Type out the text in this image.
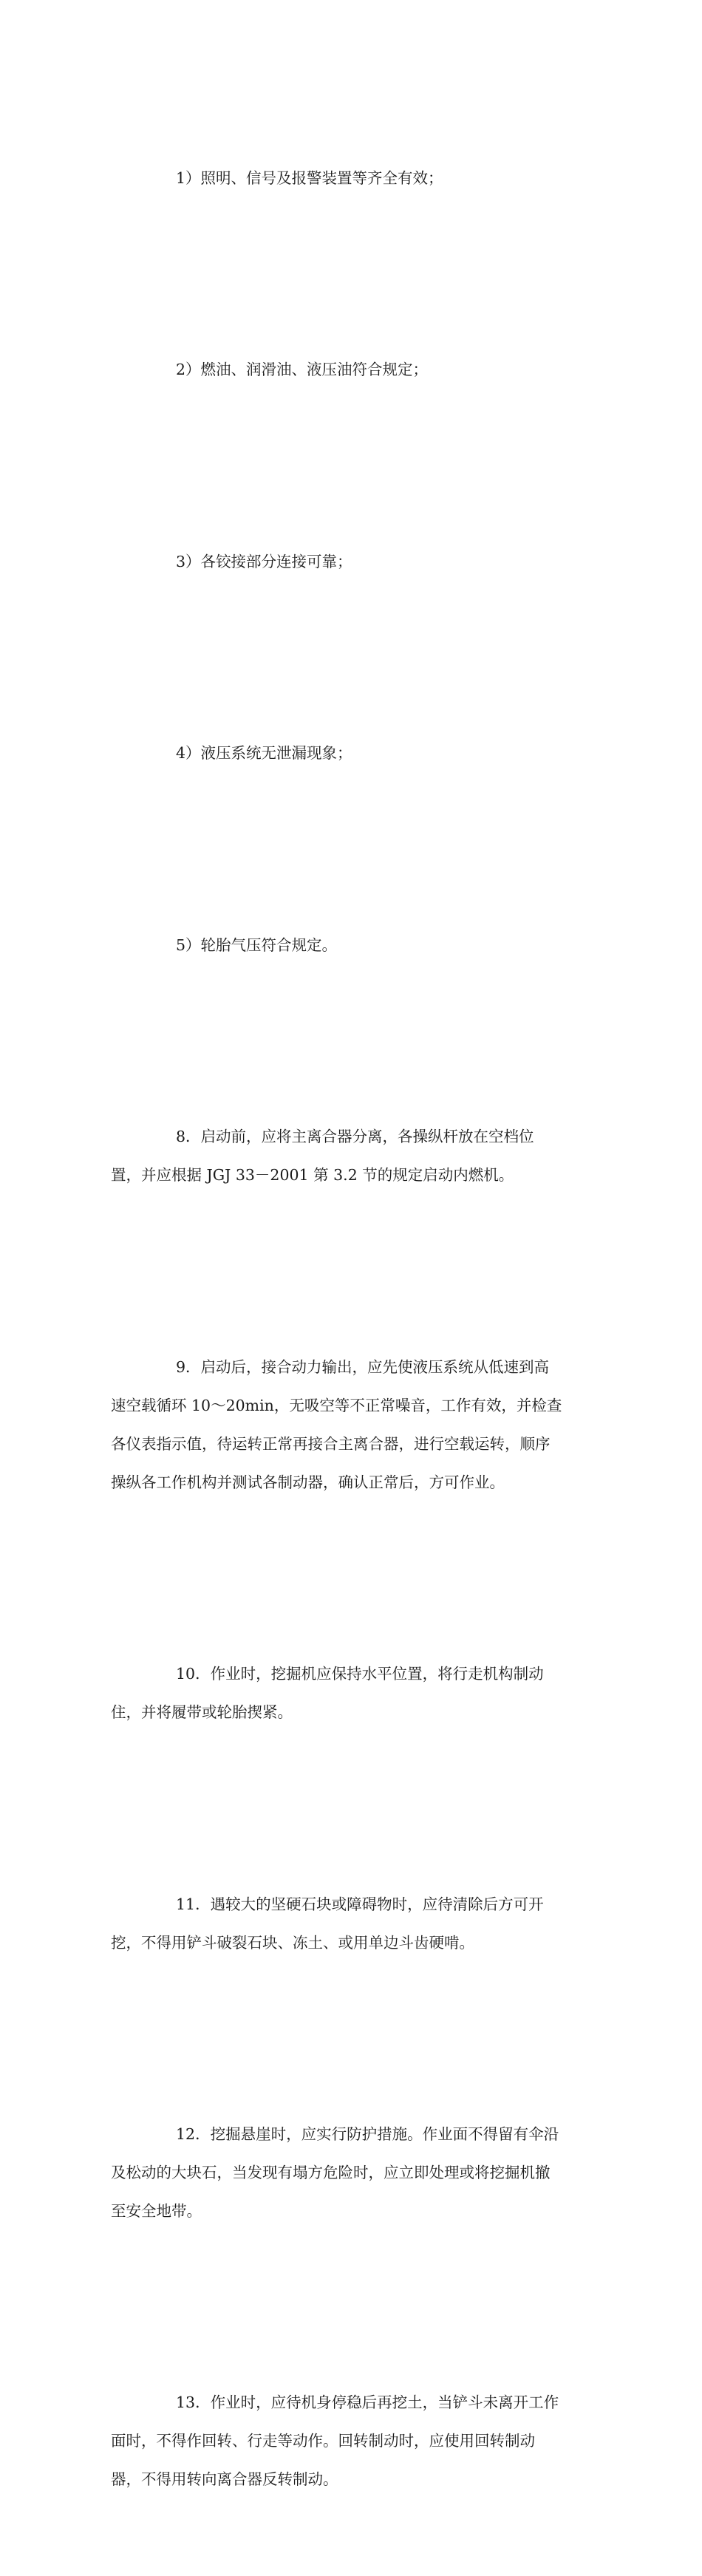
1）照明、信号及报警装置等齐全有效；

2）燃油、润滑油、液压油符合规定；

3）各铰接部分连接可靠；

4）液压系统无泄漏现象；

5）轮胎气压符合规定。

8．启动前，应将主离合器分离，各操纵杆放在空档位
置，并应根据 JGJ 33－2001 第 3.2 节的规定启动内燃机。

9．启动后，接合动力输出，应先使液压系统从低速到高
速空载循环 10～20min，无吸空等不正常噪音，工作有效，并检查
各仪表指示值，待运转正常再接合主离合器，进行空载运转，顺序
操纵各工作机构并测试各制动器，确认正常后，方可作业。

10．作业时，挖掘机应保持水平位置，将行走机构制动
住，并将履带或轮胎揳紧。

11．遇较大的坚硬石块或障碍物时，应待清除后方可开
挖，不得用铲斗破裂石块、冻土、或用单边斗齿硬啃。

12．挖掘悬崖时，应实行防护措施。作业面不得留有伞沿
及松动的大块石，当发现有塌方危险时，应立即处理或将挖掘机撤
至安全地带。

13．作业时，应待机身停稳后再挖土，当铲斗未离开工作
面时，不得作回转、行走等动作。回转制动时，应使用回转制动
器，不得用转向离合器反转制动。
